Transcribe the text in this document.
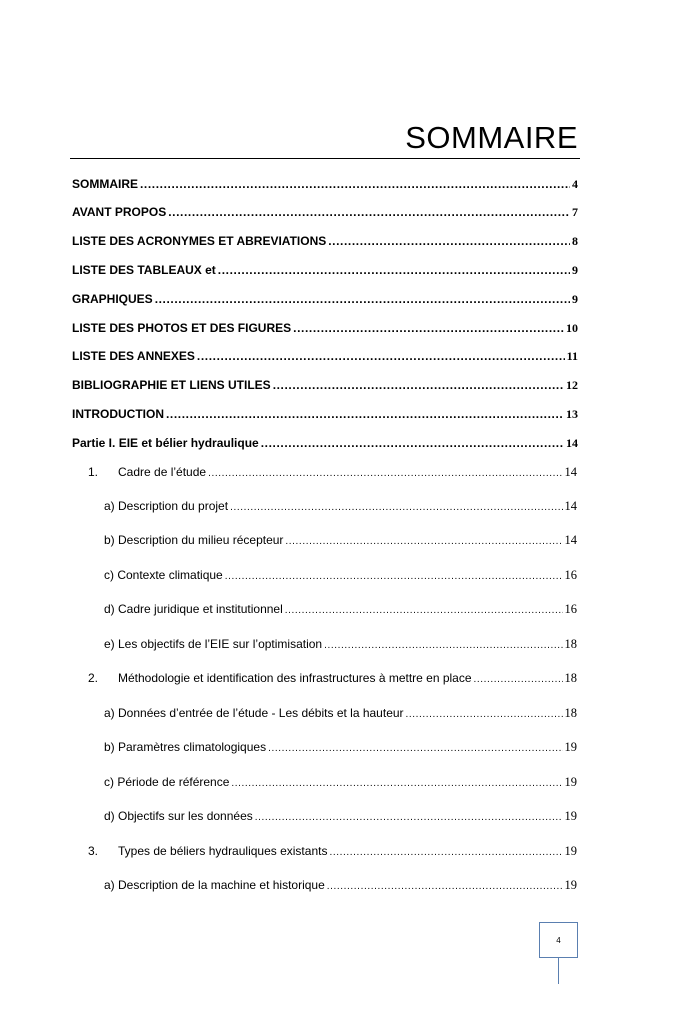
SOMMAIRE
SOMMAIRE .....	4
AVANT PROPOS .....	7
LISTE DES ACRONYMES ET ABREVIATIONS .....	8
LISTE DES TABLEAUX et .....	9
GRAPHIQUES .....	9
LISTE DES PHOTOS ET DES FIGURES .....	10
LISTE DES ANNEXES .....	11
BIBLIOGRAPHIE ET LIENS UTILES .....	12
INTRODUCTION .....	13
Partie I. EIE et bélier hydraulique .....	14
1. Cadre de l’étude .....	14
a) Description du projet .....	14
b) Description du milieu récepteur .....	14
c) Contexte climatique .....	16
d) Cadre juridique et institutionnel .....	16
e) Les objectifs de l’EIE sur l’optimisation .....	18
2. Méthodologie et identification des infrastructures à mettre en place .....	18
a) Données d’entrée de l’étude - Les débits et la hauteur .....	18
b) Paramètres climatologiques .....	19
c) Période de référence .....	19
d) Objectifs sur les données .....	19
3. Types de béliers hydrauliques existants .....	19
a) Description de la machine et historique .....	19
4
